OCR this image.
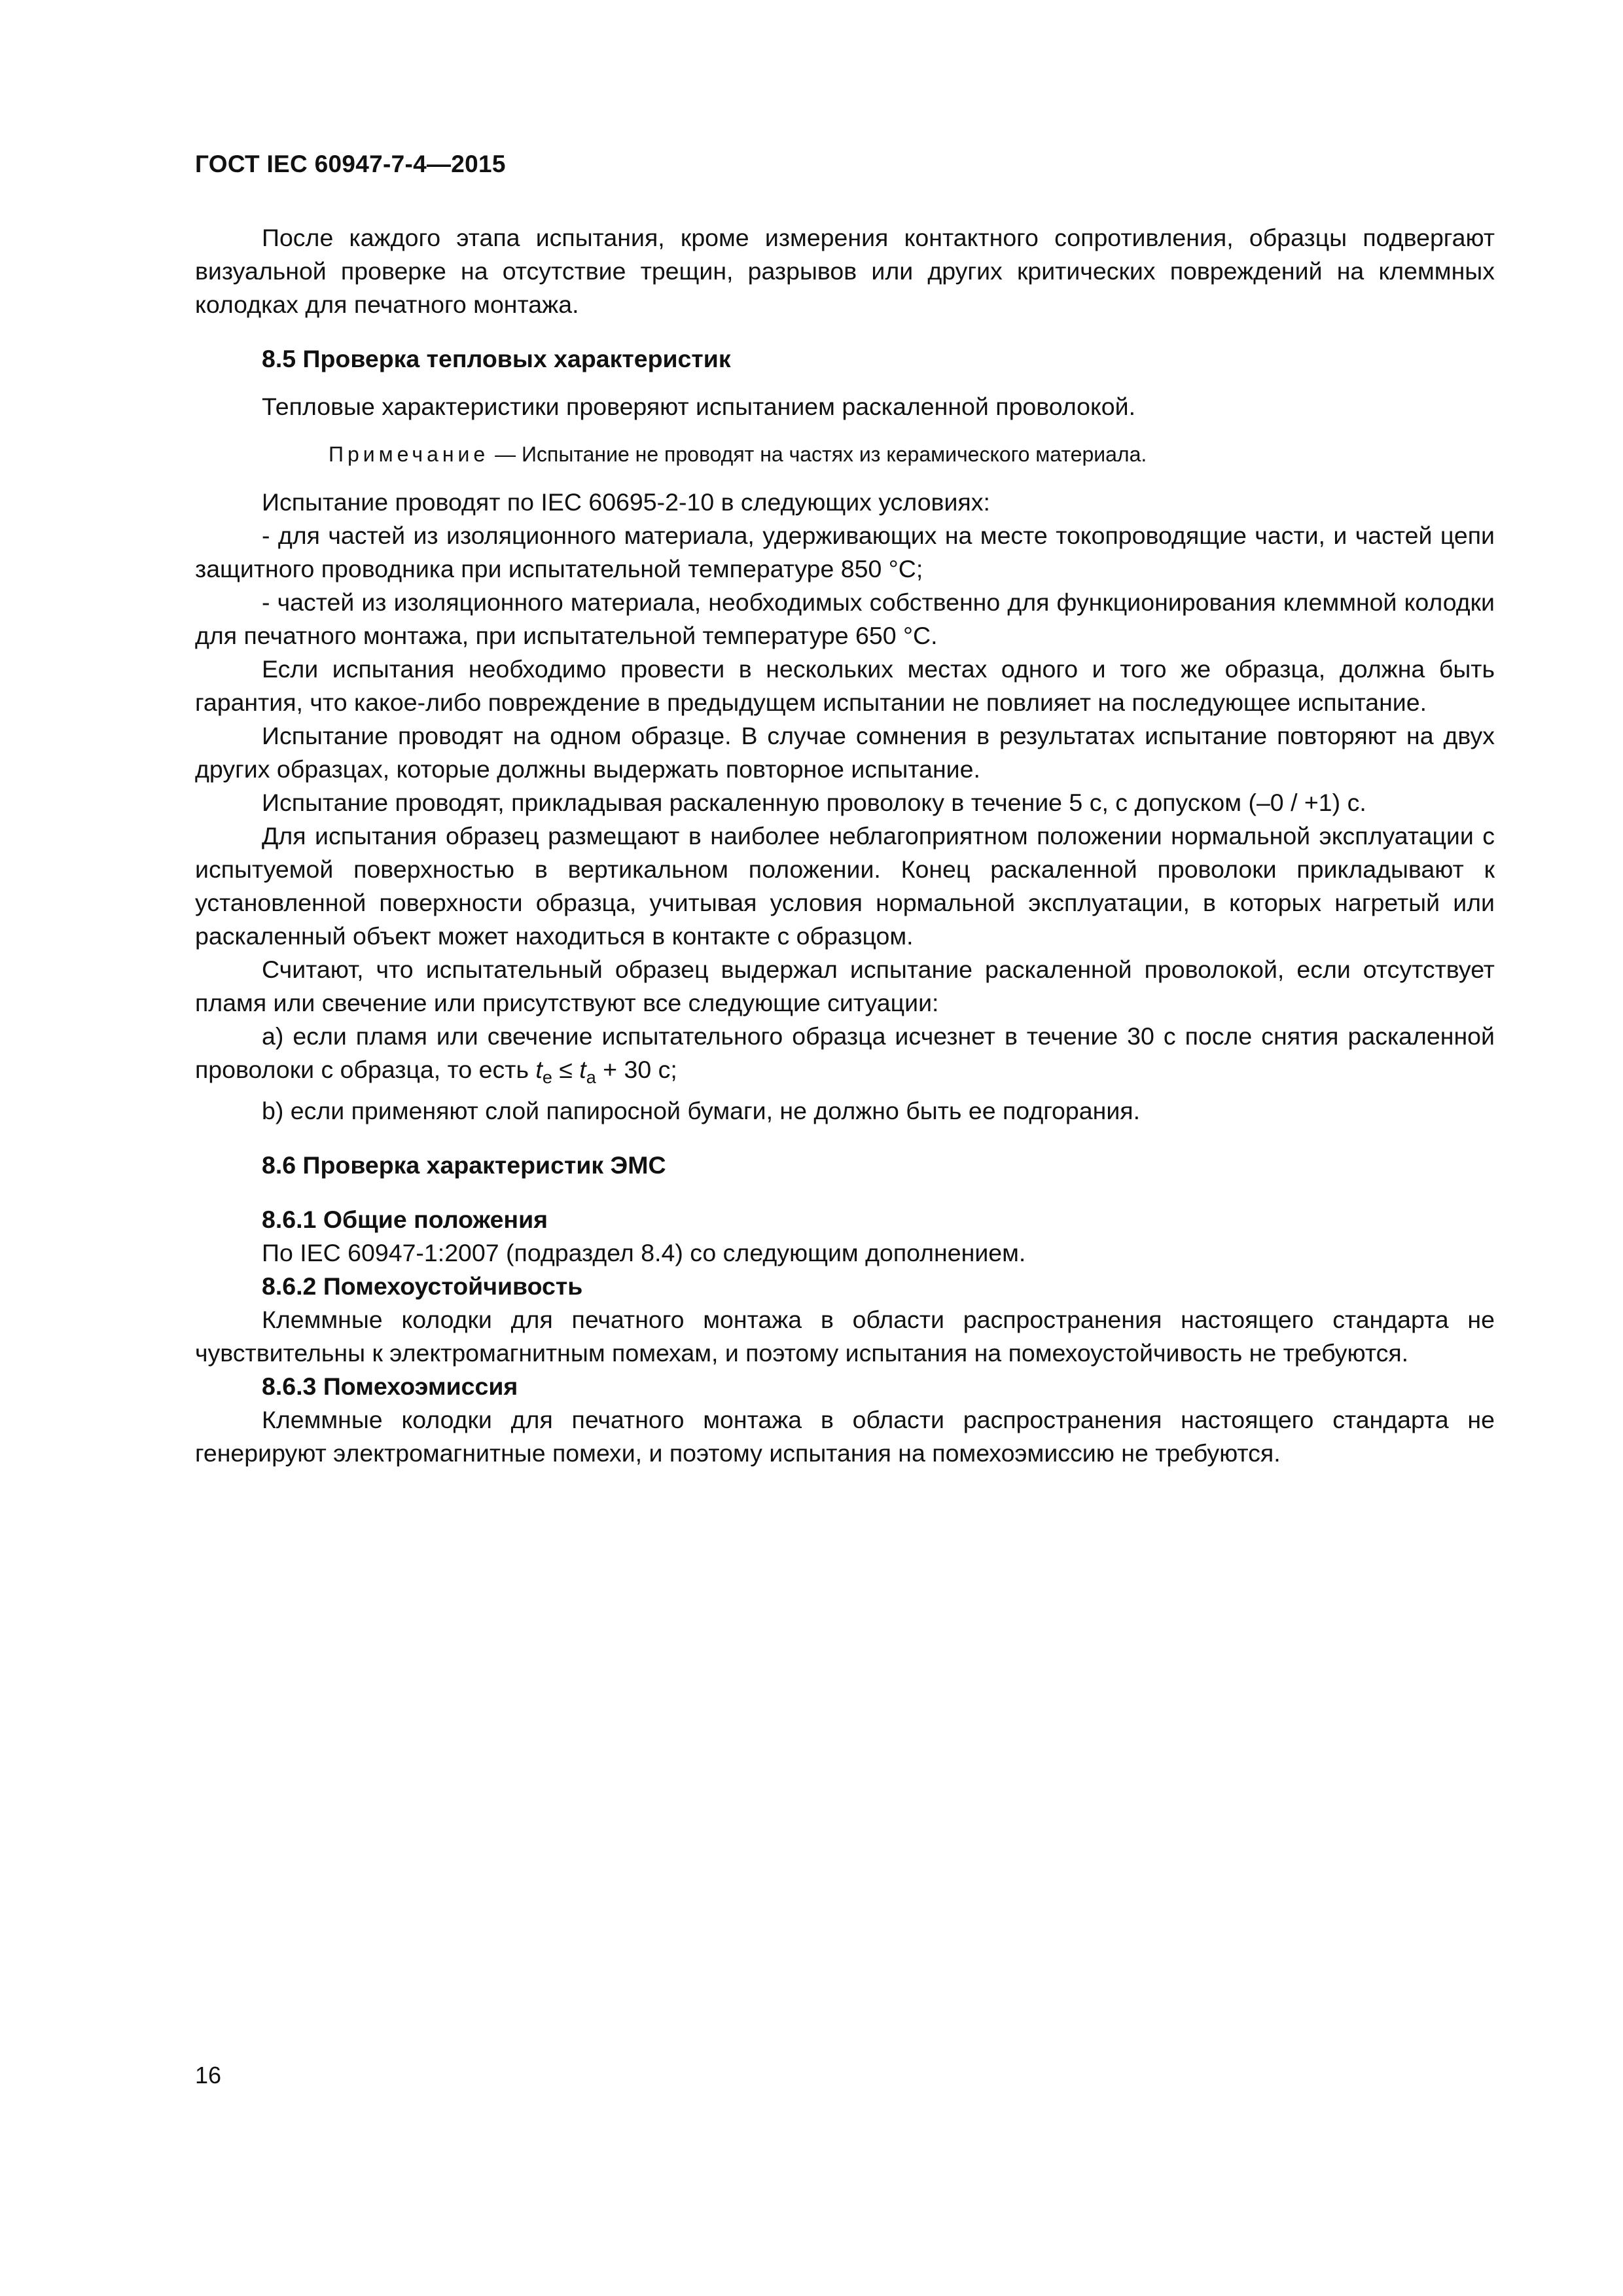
ГОСТ IEC 60947-7-4—2015

После каждого этапа испытания, кроме измерения контактного сопротивления, образцы подвергают визуальной проверке на отсутствие трещин, разрывов или других критических повреждений на клеммных колодках для печатного монтажа.

8.5 Проверка тепловых характеристик

Тепловые характеристики проверяют испытанием раскаленной проволокой.

Примечание — Испытание не проводят на частях из керамического материала.

Испытание проводят по IEC 60695-2-10 в следующих условиях:

- для частей из изоляционного материала, удерживающих на месте токопроводящие части, и частей цепи защитного проводника при испытательной температуре 850 °С;

- частей из изоляционного материала, необходимых собственно для функционирования клеммной колодки для печатного монтажа, при испытательной температуре 650 °С.

Если испытания необходимо провести в нескольких местах одного и того же образца, должна быть гарантия, что какое-либо повреждение в предыдущем испытании не повлияет на последующее испытание.

Испытание проводят на одном образце. В случае сомнения в результатах испытание повторяют на двух других образцах, которые должны выдержать повторное испытание.

Испытание проводят, прикладывая раскаленную проволоку в течение 5 с, с допуском (–0 / +1) с.

Для испытания образец размещают в наиболее неблагоприятном положении нормальной эксплуатации с испытуемой поверхностью в вертикальном положении. Конец раскаленной проволоки прикладывают к установленной поверхности образца, учитывая условия нормальной эксплуатации, в которых нагретый или раскаленный объект может находиться в контакте с образцом.

Считают, что испытательный образец выдержал испытание раскаленной проволокой, если отсутствует пламя или свечение или присутствуют все следующие ситуации:

a) если пламя или свечение испытательного образца исчезнет в течение 30 с после снятия раскаленной проволоки с образца, то есть $t_e \le t_a + 30$ с;

b) если применяют слой папиросной бумаги, не должно быть ее подгорания.

8.6 Проверка характеристик ЭМС
8.6.1 Общие положения

По IEC 60947-1:2007 (подраздел 8.4) со следующим дополнением.

8.6.2 Помехоустойчивость

Клеммные колодки для печатного монтажа в области распространения настоящего стандарта не чувствительны к электромагнитным помехам, и поэтому испытания на помехоустойчивость не требуются.

8.6.3 Помехоэмиссия

Клеммные колодки для печатного монтажа в области распространения настоящего стандарта не генерируют электромагнитные помехи, и поэтому испытания на помехоэмиссию не требуются.

16
